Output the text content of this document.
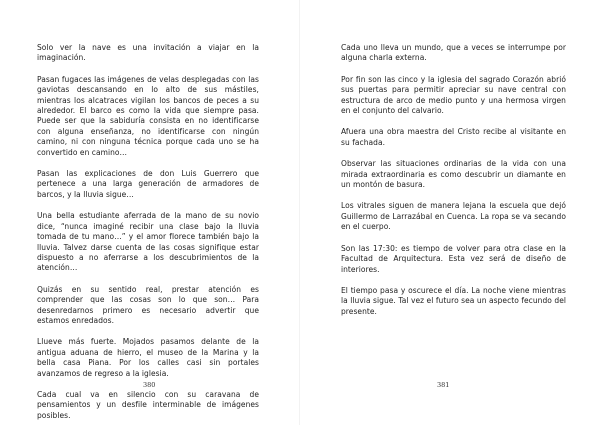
Solo ver la nave es una invitación a viajar en la imaginación.

Pasan fugaces las imágenes de velas desplegadas con las gaviotas descansando en lo alto de sus mástiles, mientras los alcatraces vigilan los bancos de peces a su alrededor. El barco es como la vida que siempre pasa. Puede ser que la sabiduría consista en no identificarse con alguna enseñanza, no identificarse con ningún camino, ni con ninguna técnica porque cada uno se ha convertido en camino…

Pasan las explicaciones de don Luis Guerrero que pertenece a una larga generación de armadores de barcos, y la lluvia sigue…

Una bella estudiante aferrada de la mano de su novio dice, “nunca imaginé recibir una clase bajo la lluvia tomada de tu mano…” y el amor florece también bajo la lluvia. Talvez darse cuenta de las cosas signifique estar dispuesto a no aferrarse a los descubrimientos de la atención…

Quizás en su sentido real, prestar atención es comprender que las cosas son lo que son… Para desenredarnos primero es necesario advertir que estamos enredados.

Llueve más fuerte. Mojados pasamos delante de la antigua aduana de hierro, el museo de la Marina y la bella casa Piana. Por los calles casi sin portales avanzamos de regreso a la iglesia.

Cada cual va en silencio con su caravana de pensamientos y un desfile interminable de imágenes posibles.

380

Cada uno lleva un mundo, que a veces se interrumpe por alguna charla externa.

Por fin son las cinco y la iglesia del sagrado Corazón abrió sus puertas para permitir apreciar su nave central con estructura de arco de medio punto y una hermosa virgen en el conjunto del calvario.

Afuera una obra maestra del Cristo recibe al visitante en su fachada.

Observar las situaciones ordinarias de la vida con una mirada extraordinaria es como descubrir un diamante en un montón de basura.

Los vitrales siguen de manera lejana la escuela que dejó Guillermo de Larrazábal en Cuenca. La ropa se va secando en el cuerpo.

Son las 17:30: es tiempo de volver para otra clase en la Facultad de Arquitectura. Esta vez será de diseño de interiores.

El tiempo pasa y oscurece el día. La noche viene mientras la lluvia sigue. Tal vez el futuro sea un aspecto fecundo del presente.

381
